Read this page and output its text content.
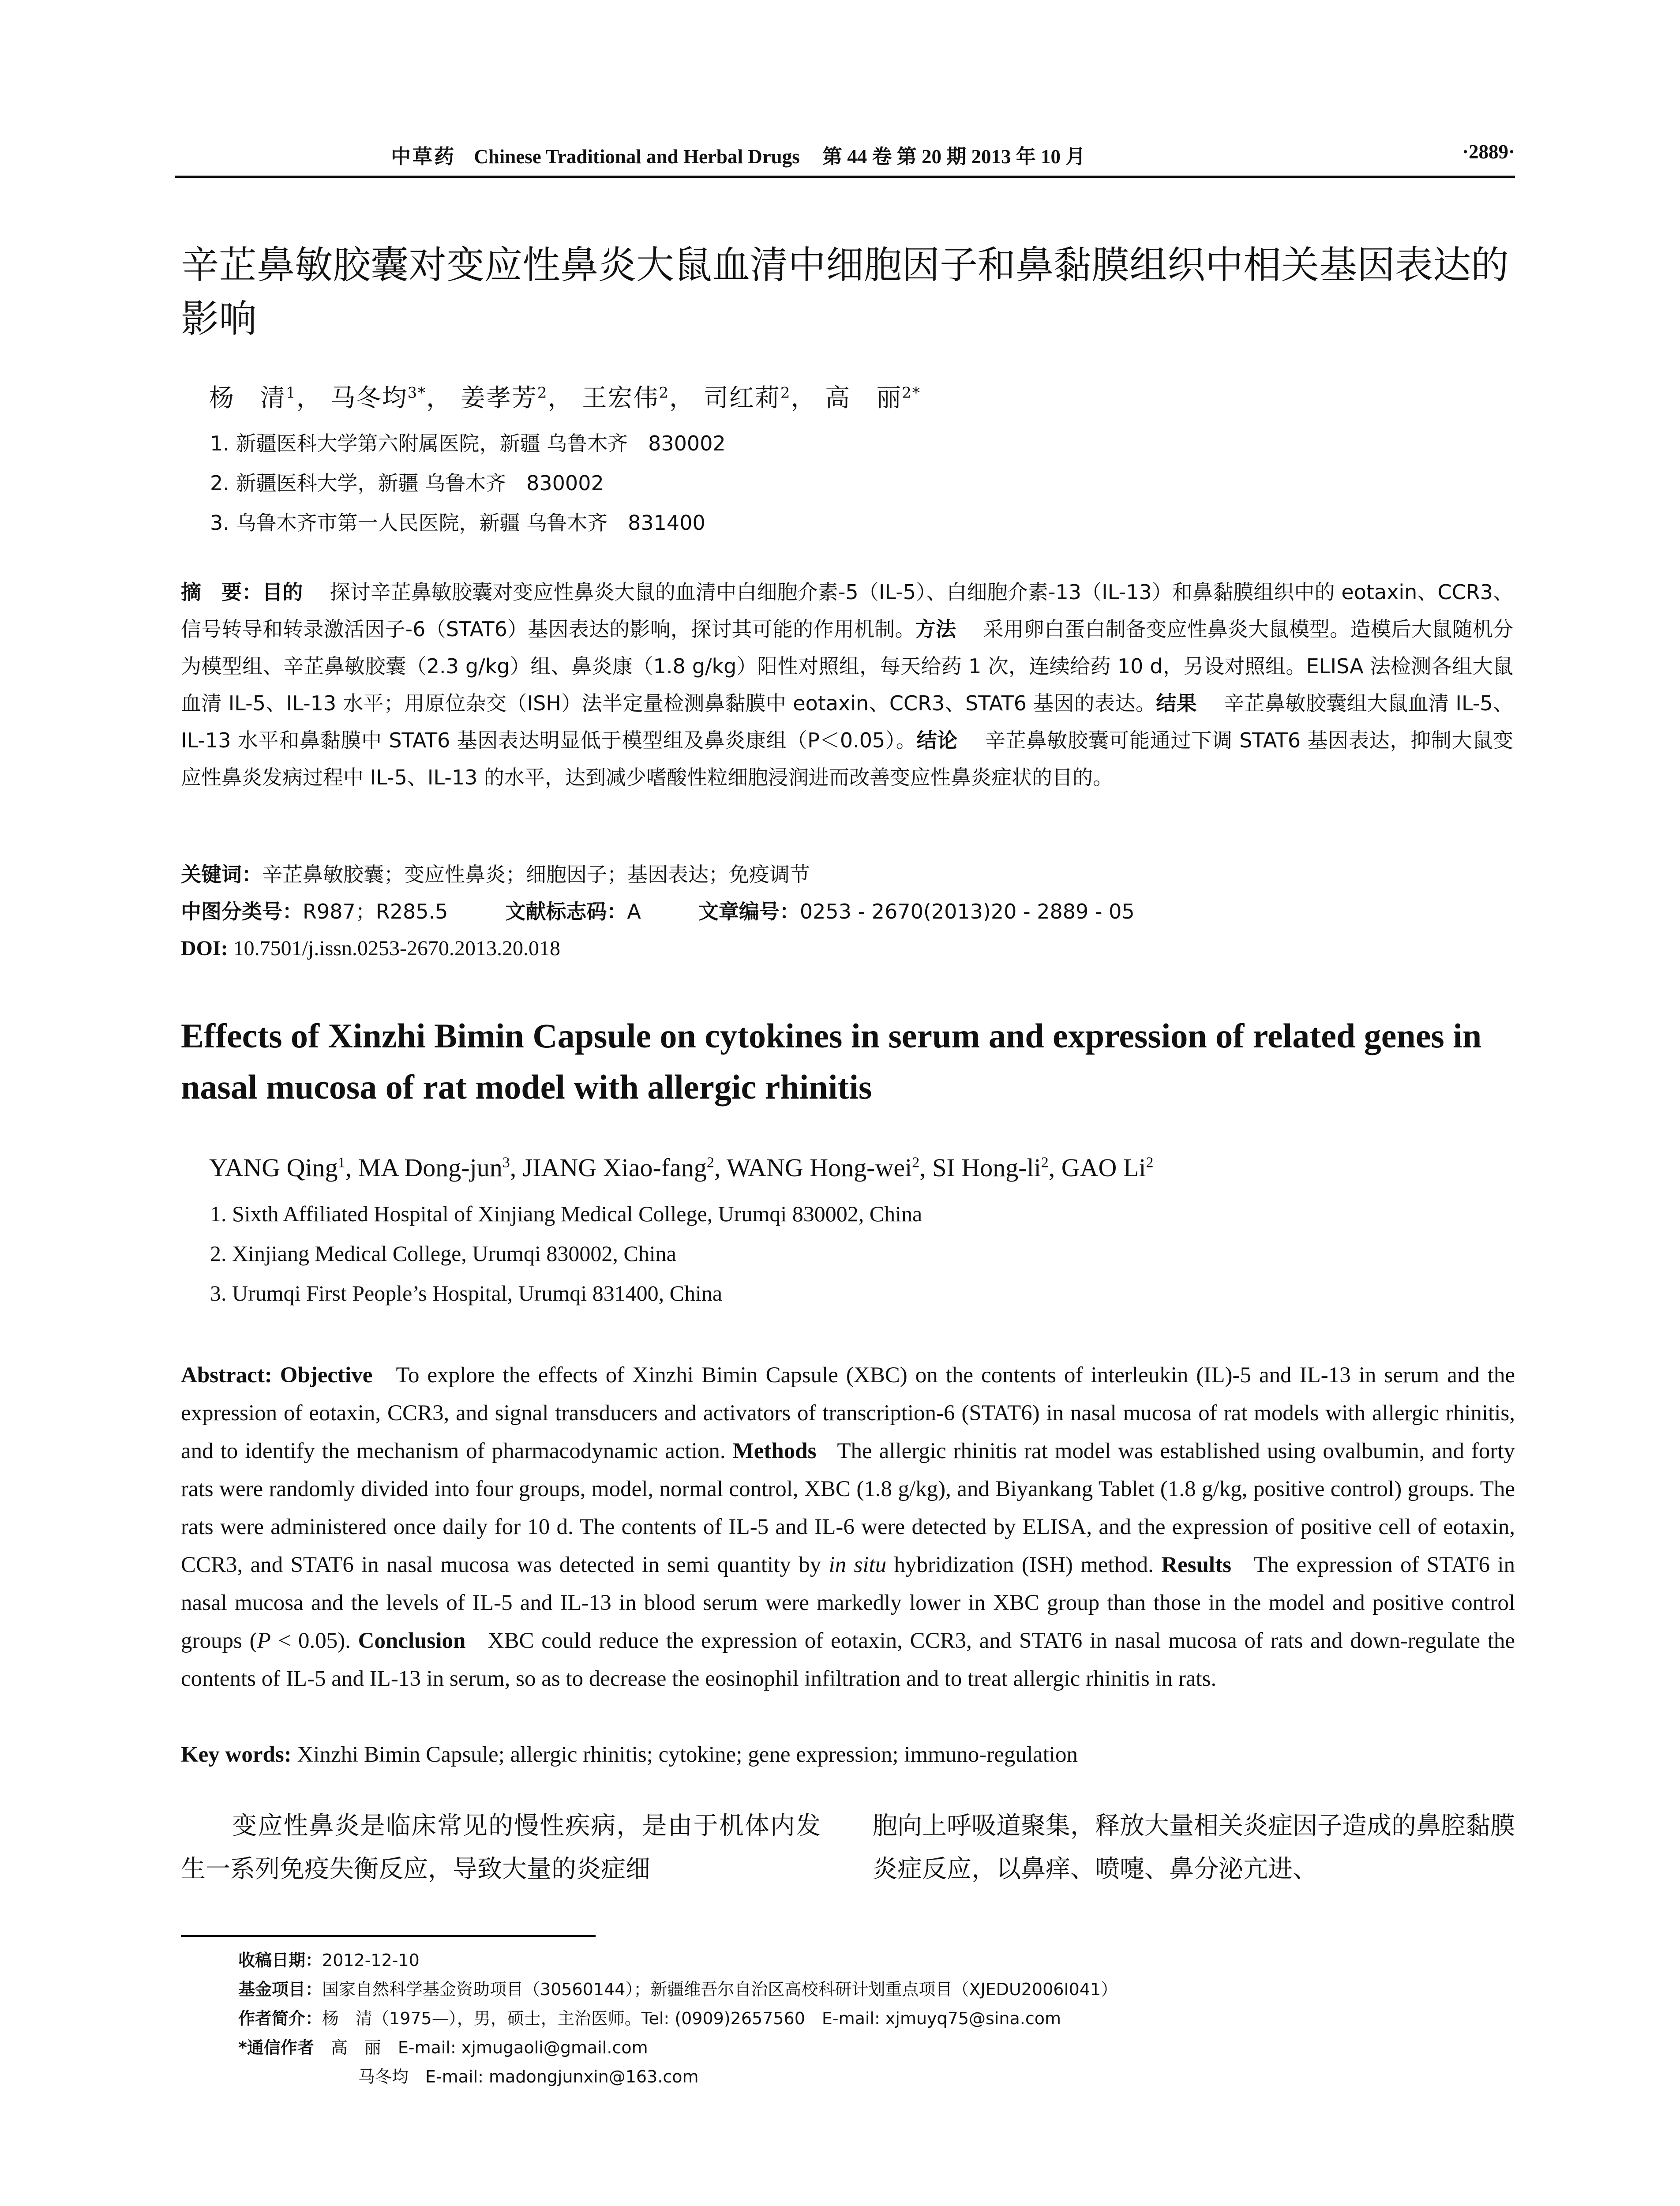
中草药 Chinese Traditional and Herbal Drugs 第 44 卷 第 20 期 2013 年 10 月	·2889·
辛芷鼻敏胶囊对变应性鼻炎大鼠血清中细胞因子和鼻黏膜组织中相关基因表达的影响
杨　清$^1$， 马冬均$^{3*}$， 姜孝芳$^2$， 王宏伟$^2$， 司红莉$^2$， 高　丽$^{2*}$
1. 新疆医科大学第六附属医院，新疆 乌鲁木齐　830002
2. 新疆医科大学，新疆 乌鲁木齐　830002
3. 乌鲁木齐市第一人民医院，新疆 乌鲁木齐　831400
摘　要：目的　 探讨辛芷鼻敏胶囊对变应性鼻炎大鼠的血清中白细胞介素-5（IL-5）、白细胞介素-13（IL-13）和鼻黏膜组织中的 eotaxin、CCR3、信号转导和转录激活因子-6（STAT6）基因表达的影响，探讨其可能的作用机制。方法　 采用卵白蛋白制备变应性鼻炎大鼠模型。造模后大鼠随机分为模型组、辛芷鼻敏胶囊（2.3 g/kg）组、鼻炎康（1.8 g/kg）阳性对照组，每天给药 1 次，连续给药 10 d，另设对照组。ELISA 法检测各组大鼠血清 IL-5、IL-13 水平；用原位杂交（ISH）法半定量检测鼻黏膜中 eotaxin、CCR3、STAT6 基因的表达。结果　 辛芷鼻敏胶囊组大鼠血清 IL-5、IL-13 水平和鼻黏膜中 STAT6 基因表达明显低于模型组及鼻炎康组（P＜0.05）。结论　 辛芷鼻敏胶囊可能通过下调 STAT6 基因表达，抑制大鼠变应性鼻炎发病过程中 IL-5、IL-13 的水平，达到减少嗜酸性粒细胞浸润进而改善变应性鼻炎症状的目的。
关键词：辛芷鼻敏胶囊；变应性鼻炎；细胞因子；基因表达；免疫调节
中图分类号：R987；R285.5	文献标志码：A	文章编号：0253 - 2670(2013)20 - 2889 - 05
DOI: 10.7501/j.issn.0253-2670.2013.20.018
Effects of Xinzhi Bimin Capsule on cytokines in serum and expression of related genes in nasal mucosa of rat model with allergic rhinitis
YANG Qing$^1$, MA Dong-jun$^3$, JIANG Xiao-fang$^2$, WANG Hong-wei$^2$, SI Hong-$li^2$, GAO Li$^2$
1. Sixth Affiliated Hospital of Xinjiang Medical College, Urumqi 830002, China
2. Xinjiang Medical College, Urumqi 830002, China
3. Urumqi First People’s Hospital, Urumqi 831400, China
Abstract: Objective To explore the effects of Xinzhi Bimin Capsule (XBC) on the contents of interleukin (IL)-5 and IL-13 in serum and the expression of eotaxin, CCR3, and signal transducers and activators of transcription-6 (STAT6) in nasal mucosa of rat models with allergic rhinitis, and to identify the mechanism of pharmacodynamic action. Methods The allergic rhinitis rat model was established using ovalbumin, and forty rats were randomly divided into four groups, model, normal control, XBC (1.8 g/kg), and Biyankang Tablet (1.8 g/kg, positive control) groups. The rats were administered once daily for 10 d. The contents of IL-5 and IL-6 were detected by ELISA, and the expression of positive cell of eotaxin, CCR3, and STAT6 in nasal mucosa was detected in semi quantity by in situ hybridization (ISH) method. Results The expression of STAT6 in nasal mucosa and the levels of IL-5 and IL-13 in blood serum were markedly lower in XBC group than those in the model and positive control groups (P < 0.05). Conclusion XBC could reduce the expression of eotaxin, CCR3, and STAT6 in nasal mucosa of rats and down-regulate the contents of IL-5 and IL-13 in serum, so as to decrease the eosinophil infiltration and to treat allergic rhinitis in rats.
Key words: Xinzhi Bimin Capsule; allergic rhinitis; cytokine; gene expression; immuno-regulation
　　变应性鼻炎是临床常见的慢性疾病，是由于机体内发生一系列免疫失衡反应，导致大量的炎症细
胞向上呼吸道聚集，释放大量相关炎症因子造成的鼻腔黏膜炎症反应，以鼻痒、喷嚏、鼻分泌亢进、
收稿日期：2012-12-10
基金项目：国家自然科学基金资助项目（30560144）；新疆维吾尔自治区高校科研计划重点项目（XJEDU2006I041）
作者简介：杨　清（1975—），男，硕士，主治医师。Tel: (0909)2657560　E-mail: xjmuyq75@sina.com
*通信作者　 高　丽　E-mail: xjmugaoli@gmail.com
马冬均　E-mail: madongjunxin@163.com
